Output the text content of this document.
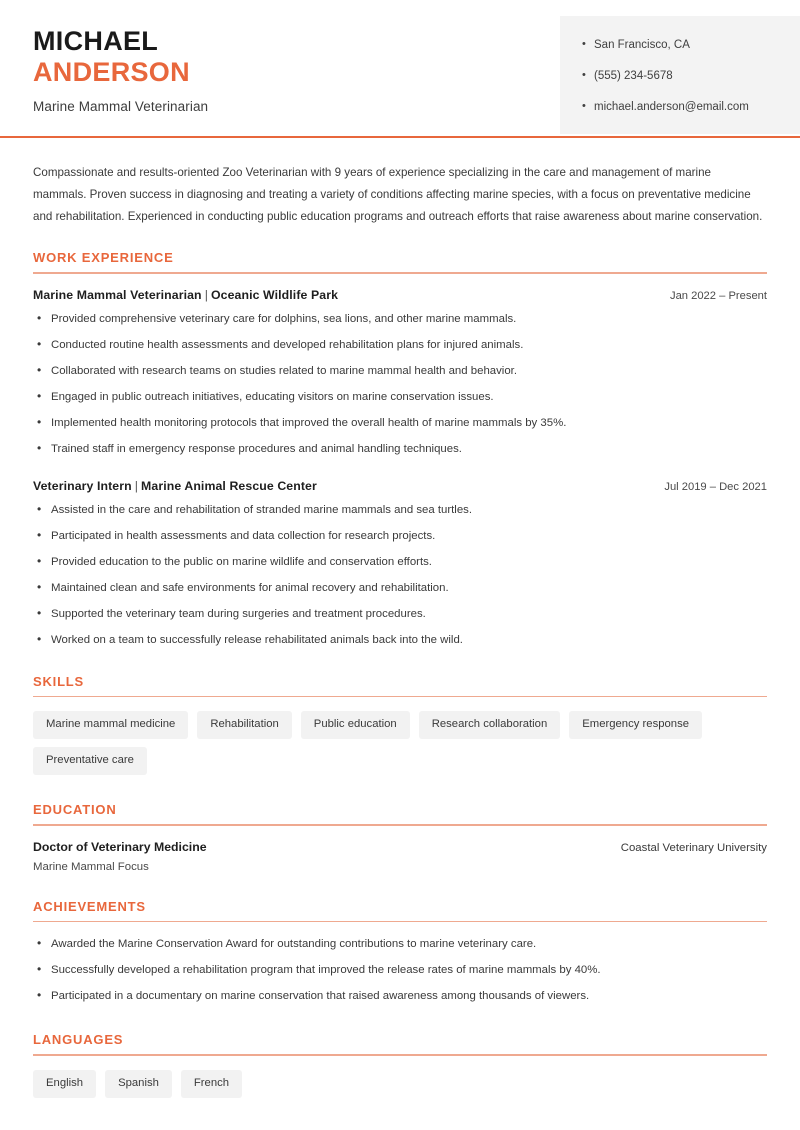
MICHAEL
ANDERSON
Marine Mammal Veterinarian
• San Francisco, CA
• (555) 234-5678
• michael.anderson@email.com

Compassionate and results-oriented Zoo Veterinarian with 9 years of experience specializing in the care and management of marine mammals. Proven success in diagnosing and treating a variety of conditions affecting marine species, with a focus on preventative medicine and rehabilitation. Experienced in conducting public education programs and outreach efforts that raise awareness about marine conservation.

WORK EXPERIENCE
Marine Mammal Veterinarian | Oceanic Wildlife Park	Jan 2022 – Present
• Provided comprehensive veterinary care for dolphins, sea lions, and other marine mammals.
• Conducted routine health assessments and developed rehabilitation plans for injured animals.
• Collaborated with research teams on studies related to marine mammal health and behavior.
• Engaged in public outreach initiatives, educating visitors on marine conservation issues.
• Implemented health monitoring protocols that improved the overall health of marine mammals by 35%.
• Trained staff in emergency response procedures and animal handling techniques.
Veterinary Intern | Marine Animal Rescue Center	Jul 2019 – Dec 2021
• Assisted in the care and rehabilitation of stranded marine mammals and sea turtles.
• Participated in health assessments and data collection for research projects.
• Provided education to the public on marine wildlife and conservation efforts.
• Maintained clean and safe environments for animal recovery and rehabilitation.
• Supported the veterinary team during surgeries and treatment procedures.
• Worked on a team to successfully release rehabilitated animals back into the wild.
SKILLS
Marine mammal medicine	Rehabilitation	Public education	Research collaboration	Emergency response
Preventative care
EDUCATION
Doctor of Veterinary Medicine	Coastal Veterinary University
Marine Mammal Focus
ACHIEVEMENTS
• Awarded the Marine Conservation Award for outstanding contributions to marine veterinary care.
• Successfully developed a rehabilitation program that improved the release rates of marine mammals by 40%.
• Participated in a documentary on marine conservation that raised awareness among thousands of viewers.
LANGUAGES
English	Spanish	French
